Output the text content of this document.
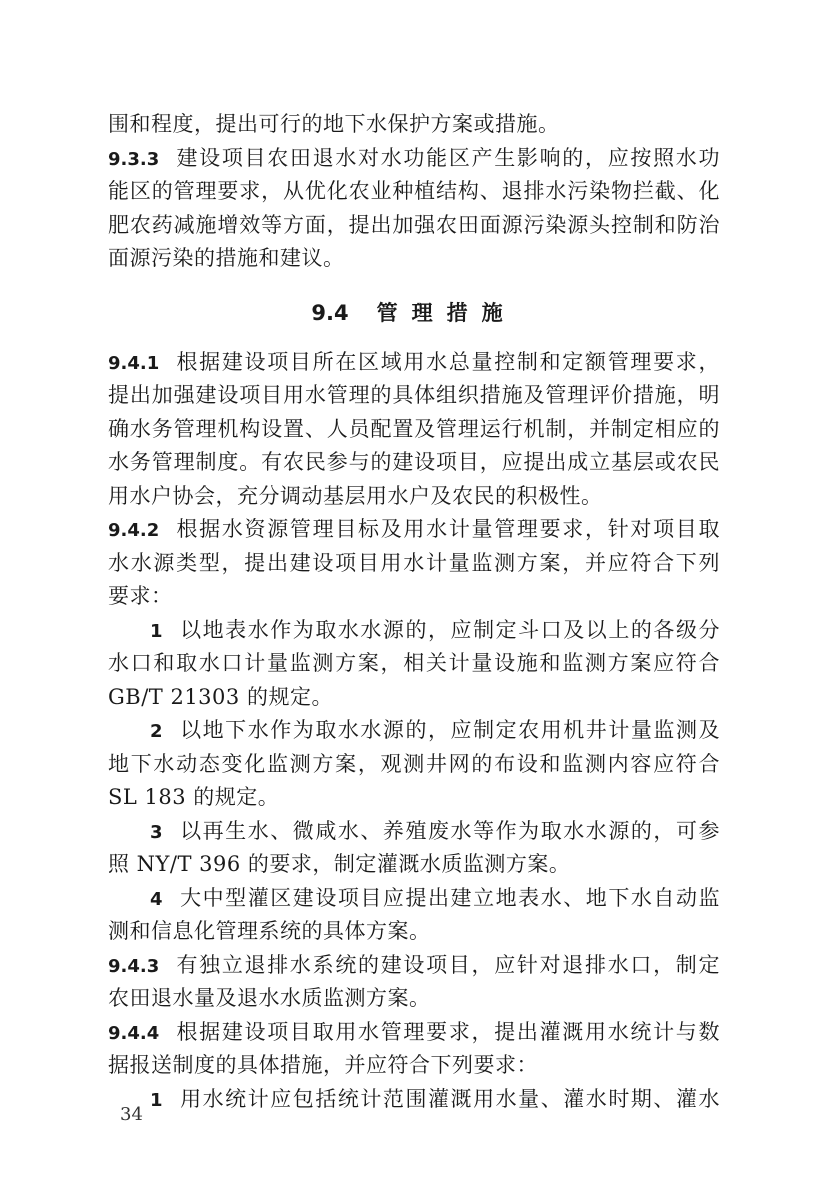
围和程度，提出可行的地下水保护方案或措施。
9.3.3 建设项目农田退水对水功能区产生影响的，应按照水功
能区的管理要求，从优化农业种植结构、退排水污染物拦截、化
肥农药减施增效等方面，提出加强农田面源污染源头控制和防治
面源污染的措施和建议。
9.4 管理措施
9.4.1 根据建设项目所在区域用水总量控制和定额管理要求，
提出加强建设项目用水管理的具体组织措施及管理评价措施，明
确水务管理机构设置、人员配置及管理运行机制，并制定相应的
水务管理制度。有农民参与的建设项目，应提出成立基层或农民
用水户协会，充分调动基层用水户及农民的积极性。
9.4.2 根据水资源管理目标及用水计量管理要求，针对项目取
水水源类型，提出建设项目用水计量监测方案，并应符合下列
要求：
1 以地表水作为取水水源的，应制定斗口及以上的各级分
水口和取水口计量监测方案，相关计量设施和监测方案应符合
GB/T 21303 的规定。
2 以地下水作为取水水源的，应制定农用机井计量监测及
地下水动态变化监测方案，观测井网的布设和监测内容应符合
SL 183 的规定。
3 以再生水、微咸水、养殖废水等作为取水水源的，可参
照 NY/T 396 的要求，制定灌溉水质监测方案。
4 大中型灌区建设项目应提出建立地表水、地下水自动监
测和信息化管理系统的具体方案。
9.4.3 有独立退排水系统的建设项目，应针对退排水口，制定
农田退水量及退水水质监测方案。
9.4.4 根据建设项目取用水管理要求，提出灌溉用水统计与数
据报送制度的具体措施，并应符合下列要求：
1 用水统计应包括统计范围灌溉用水量、灌水时期、灌水
34
